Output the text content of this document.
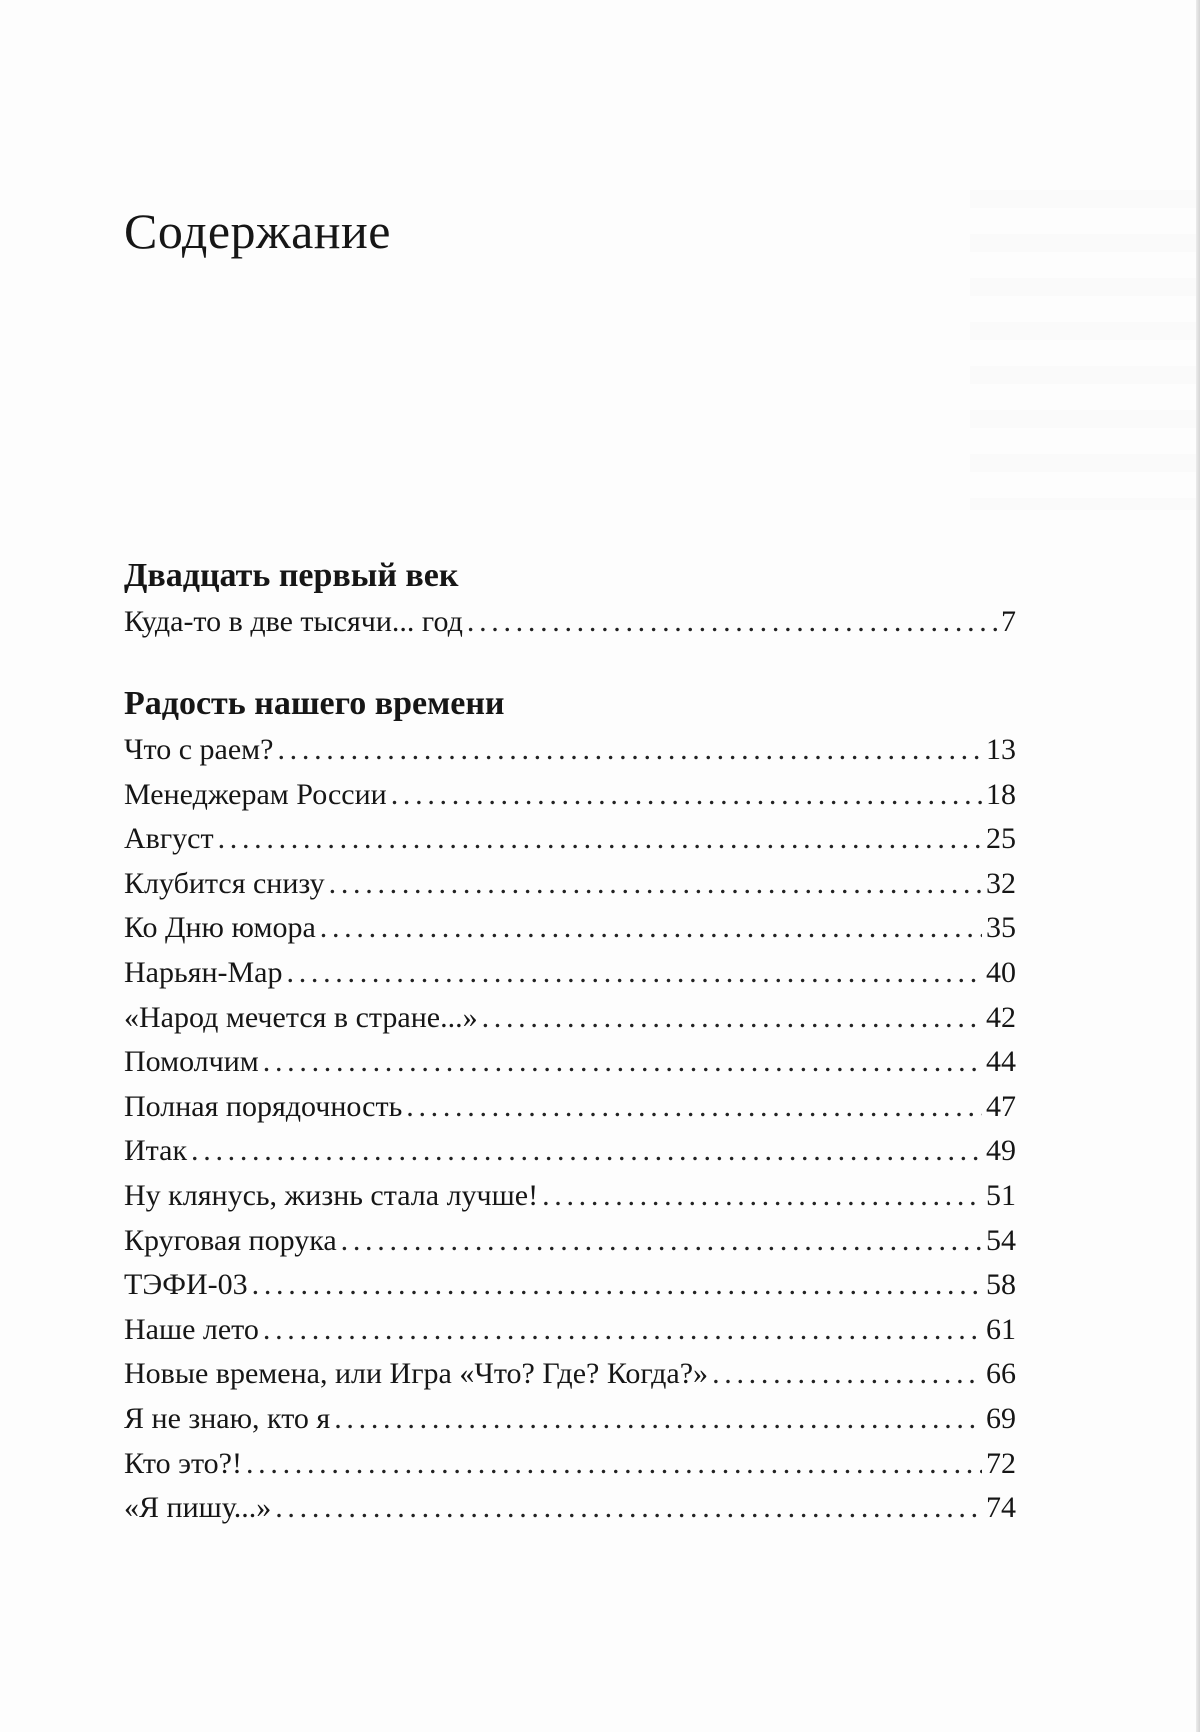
Содержание
Двадцать первый век
Куда-то в две тысячи... год . . .	7
Радость нашего времени
Что с раем? . . .	13
Менеджерам России . . .	18
Август . . .	25
Клубится снизу . . .	32
Ко Дню юмора . . .	35
Нарьян-Мар . . .	40
«Народ мечется в стране...» . . .	42
Помолчим . . .	44
Полная порядочность . . .	47
Итак . . .	49
Ну клянусь, жизнь стала лучше! . . .	51
Круговая порука . . .	54
ТЭФИ-03 . . .	58
Наше лето . . .	61
Новые времена, или Игра «Что? Где? Когда?» . . .	66
Я не знаю, кто я . . .	69
Кто это?! . . .	72
«Я пишу...» . . .	74
